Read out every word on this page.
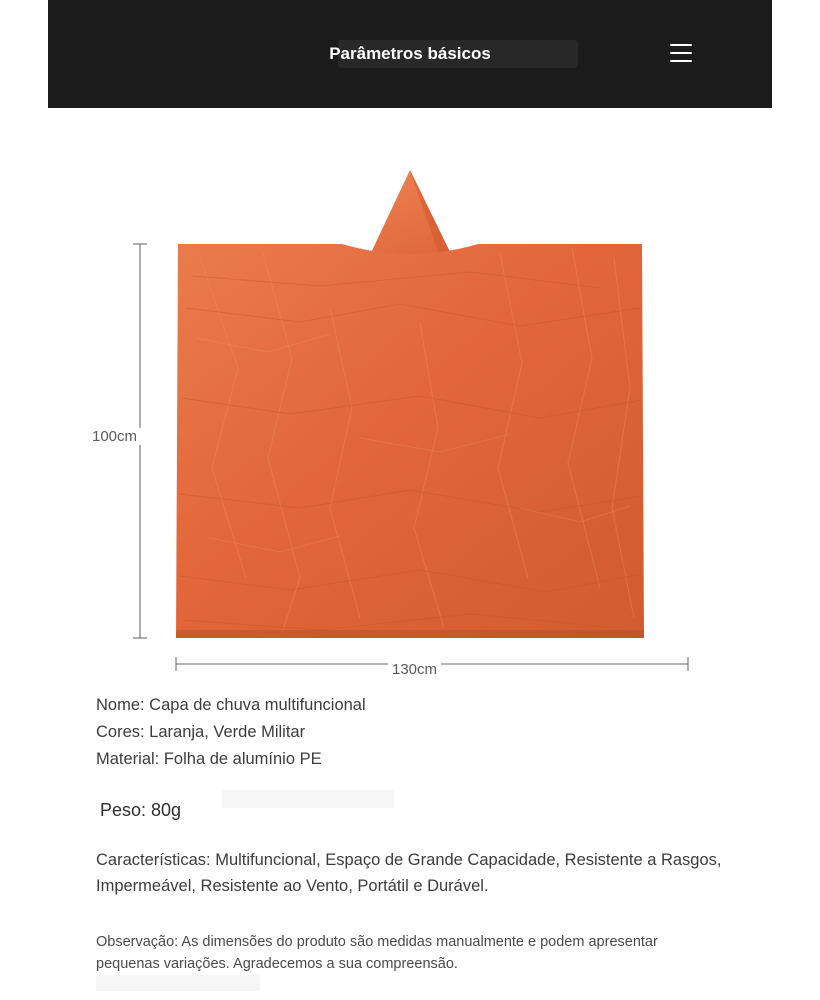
Parâmetros básicos
100cm
130cm
Nome: Capa de chuva multifuncional
Cores: Laranja, Verde Militar
Material: Folha de alumínio PE
Peso: 80g
Características: Multifuncional, Espaço de Grande Capacidade, Resistente a Rasgos, Impermeável, Resistente ao Vento, Portátil e Durável.
Observação: As dimensões do produto são medidas manualmente e podem apresentar pequenas variações. Agradecemos a sua compreensão.
